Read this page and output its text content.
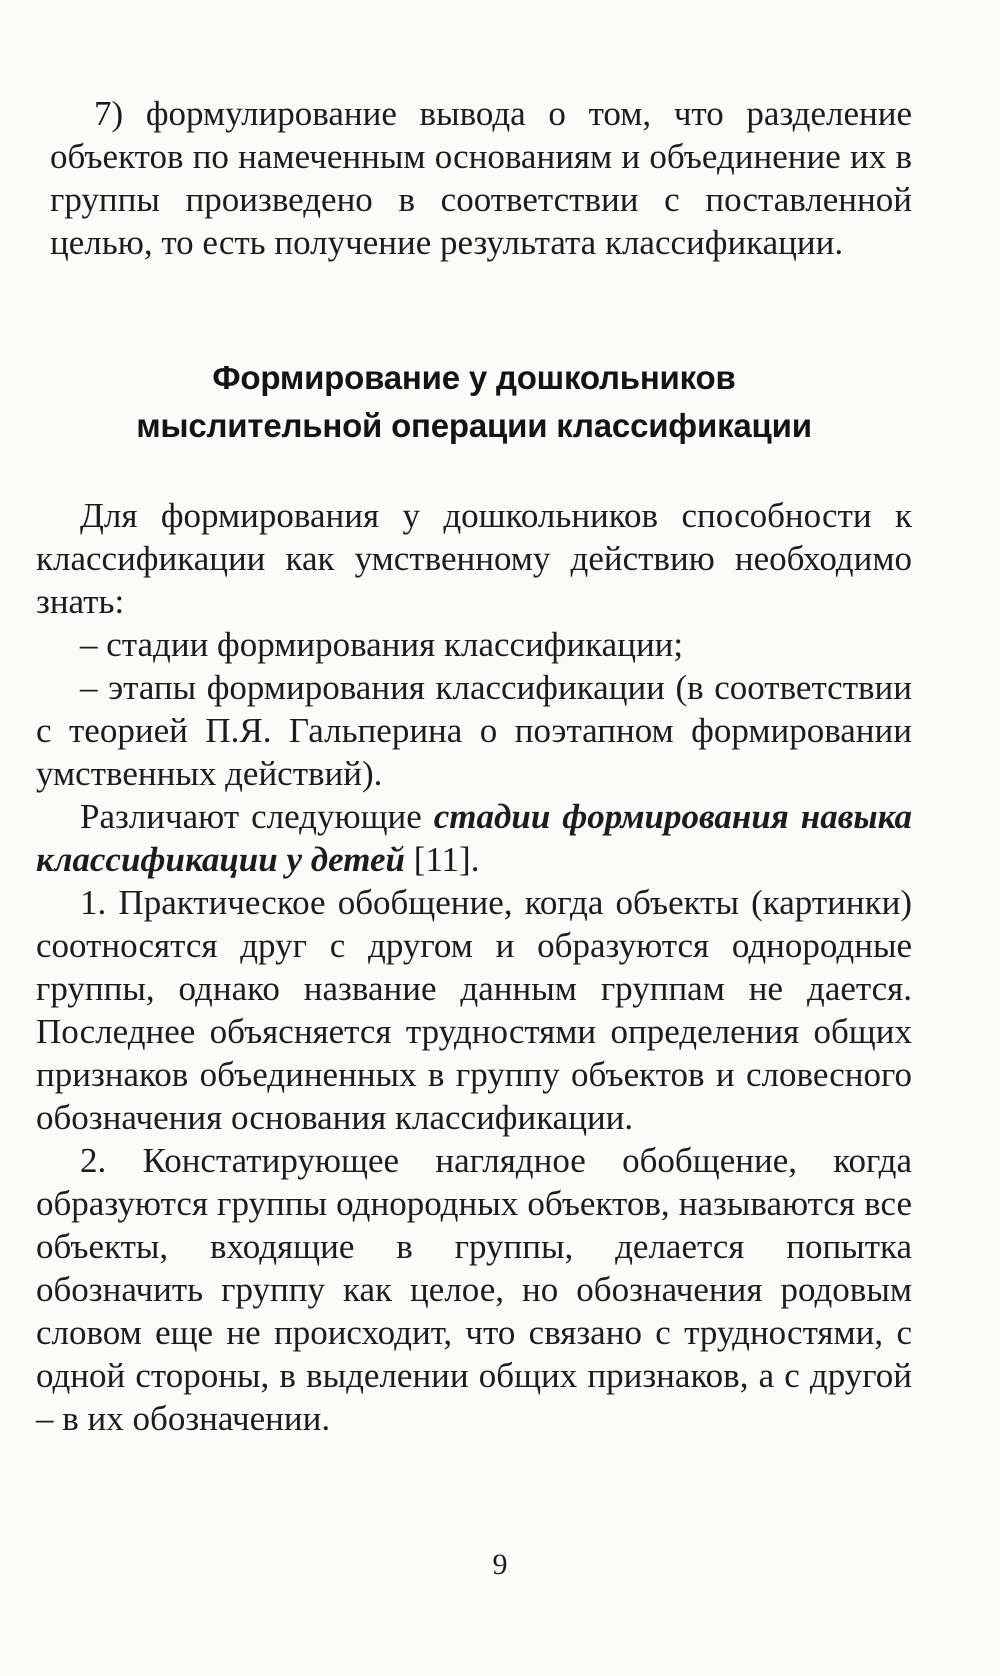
7) формулирование вывода о том, что разделение объектов по намеченным основаниям и объединение их в группы произведено в соответствии с поставленной целью, то есть получение результата классификации.

Формирование у дошкольников
мыслительной операции классификации

Для формирования у дошкольников способности к классификации как умственному действию необходимо знать:

– стадии формирования классификации;

– этапы формирования классификации (в соответствии с теорией П.Я. Гальперина о поэтапном формировании умственных действий).

Различают следующие стадии формирования навыка классификации у детей [11].

1. Практическое обобщение, когда объекты (картинки) соотносятся друг с другом и образуются однородные группы, однако название данным группам не дается. Последнее объясняется трудностями определения общих признаков объединенных в группу объектов и словесного обозначения основания классификации.

2. Констатирующее наглядное обобщение, когда образуются группы однородных объектов, называются все объекты, входящие в группы, делается попытка обозначить группу как целое, но обозначения родовым словом еще не происходит, что связано с трудностями, с одной стороны, в выделении общих признаков, а с другой – в их обозначении.

9
